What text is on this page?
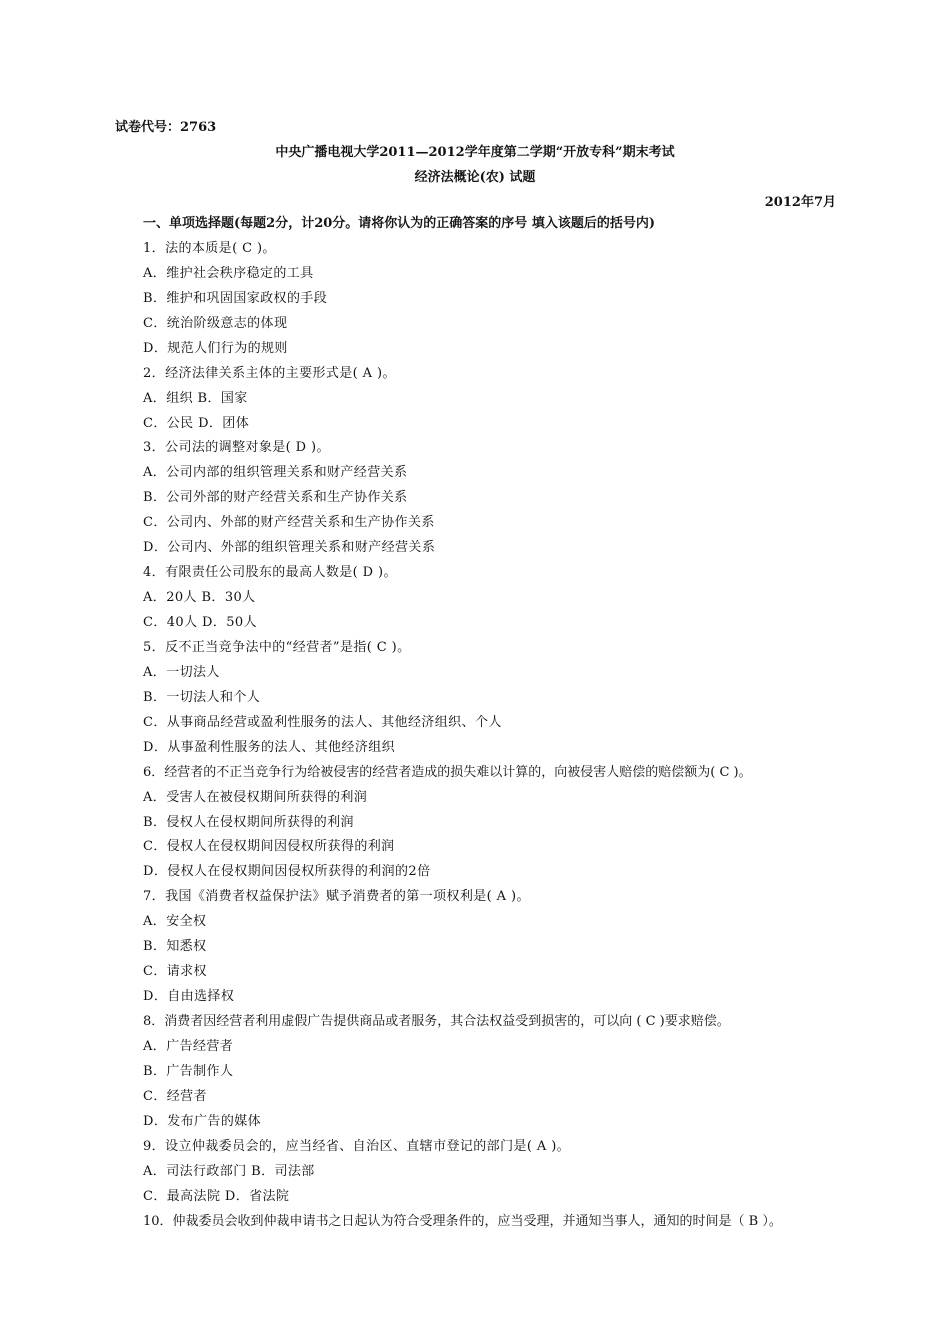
试卷代号：2763
中央广播电视大学2011—2012学年度第二学期“开放专科”期末考试
经济法概论(农) 试题
2012年7月
一、单项选择题(每题2分，计20分。请将你认为的正确答案的序号 填入该题后的括号内)
1．法的本质是( C )。
A．维护社会秩序稳定的工具
B．维护和巩固国家政权的手段
C．统治阶级意志的体现
D．规范人们行为的规则
2．经济法律关系主体的主要形式是( A )。
A．组织 B．国家
C．公民 D．团体
3．公司法的调整对象是( D )。
A．公司内部的组织管理关系和财产经营关系
B．公司外部的财产经营关系和生产协作关系
C．公司内、外部的财产经营关系和生产协作关系
D．公司内、外部的组织管理关系和财产经营关系
4．有限责任公司股东的最高人数是( D )。
A．20人 B．30人
C．40人 D．50人
5．反不正当竞争法中的“经营者”是指( C )。
A．一切法人
B．一切法人和个人
C．从事商品经营或盈利性服务的法人、其他经济组织、个人
D．从事盈利性服务的法人、其他经济组织
6．经营者的不正当竞争行为给被侵害的经营者造成的损失难以计算的，向被侵害人赔偿的赔偿额为( C )。
A．受害人在被侵权期间所获得的利润
B．侵权人在侵权期间所获得的利润
C．侵权人在侵权期间因侵权所获得的利润
D．侵权人在侵权期间因侵权所获得的利润的2倍
7．我国《消费者权益保护法》赋予消费者的第一项权利是( A )。
A．安全权
B．知悉权
C．请求权
D．自由选择权
8．消费者因经营者利用虚假广告提供商品或者服务，其合法权益受到损害的，可以向 ( C )要求赔偿。
A．广告经营者
B．广告制作人
C．经营者
D．发布广告的媒体
9．设立仲裁委员会的，应当经省、自治区、直辖市登记的部门是( A )。
A．司法行政部门 B．司法部
C．最高法院 D．省法院
10．仲裁委员会收到仲裁申请书之日起认为符合受理条件的，应当受理，并通知当事人，通知的时间是（ B ）。
